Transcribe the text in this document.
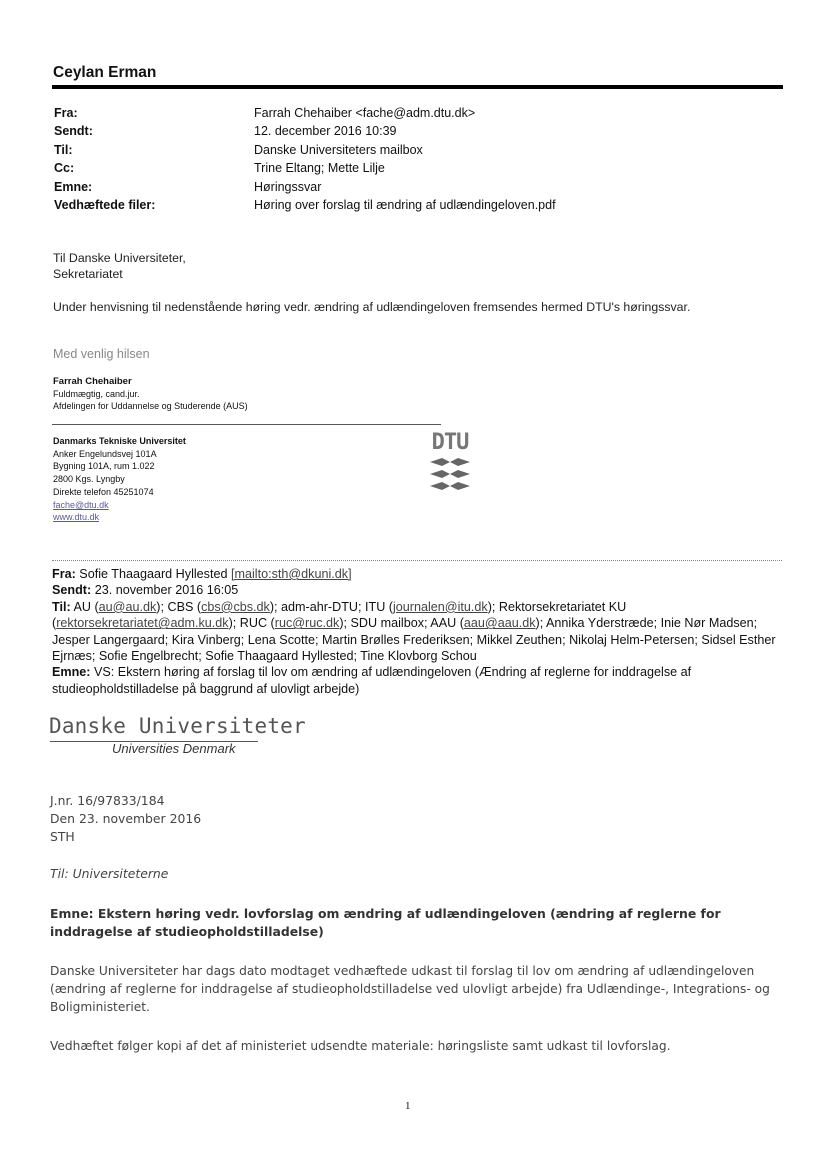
Ceylan Erman
Fra:	Farrah Chehaiber <fache@adm.dtu.dk>
Sendt:	12. december 2016 10:39
Til:	Danske Universiteters mailbox
Cc:	Trine Eltang; Mette Lilje
Emne:	Høringssvar
Vedhæftede filer:	Høring over forslag til ændring af udlændingeloven.pdf
Til Danske Universiteter,
Sekretariatet
Under henvisning til nedenstående høring vedr. ændring af udlændingeloven fremsendes hermed DTU's høringssvar.
Med venlig hilsen
Farrah Chehaiber
Fuldmægtig, cand.jur.
Afdelingen for Uddannelse og Studerende (AUS)
Danmarks Tekniske Universitet
Anker Engelundsvej 101A
Bygning 101A, rum 1.022
2800 Kgs. Lyngby
Direkte telefon 45251074
fache@dtu.dk
www.dtu.dk
DTU
Fra: Sofie Thaagaard Hyllested [mailto:sth@dkuni.dk]
Sendt: 23. november 2016 16:05
Til: AU (au@au.dk); CBS (cbs@cbs.dk); adm-ahr-DTU; ITU (journalen@itu.dk); Rektorsekretariatet KU (rektorsekretariatet@adm.ku.dk); RUC (ruc@ruc.dk); SDU mailbox; AAU (aau@aau.dk); Annika Yderstræde; Inie Nør Madsen; Jesper Langergaard; Kira Vinberg; Lena Scotte; Martin Brølles Frederiksen; Mikkel Zeuthen; Nikolaj Helm-Petersen; Sidsel Esther Ejrnæs; Sofie Engelbrecht; Sofie Thaagaard Hyllested; Tine Klovborg Schou
Emne: VS: Ekstern høring af forslag til lov om ændring af udlændingeloven (Ændring af reglerne for inddragelse af studieopholdstilladelse på baggrund af ulovligt arbejde)
Danske Universiteter
Universities Denmark
J.nr. 16/97833/184
Den 23. november 2016
STH
Til: Universiteterne
Emne: Ekstern høring vedr. lovforslag om ændring af udlændingeloven (ændring af reglerne for inddragelse af studieopholdstilladelse)
Danske Universiteter har dags dato modtaget vedhæftede udkast til forslag til lov om ændring af udlændingeloven (ændring af reglerne for inddragelse af studieopholdstilladelse ved ulovligt arbejde) fra Udlændinge-, Integrations- og Boligministeriet.
Vedhæftet følger kopi af det af ministeriet udsendte materiale: høringsliste samt udkast til lovforslag.
1
